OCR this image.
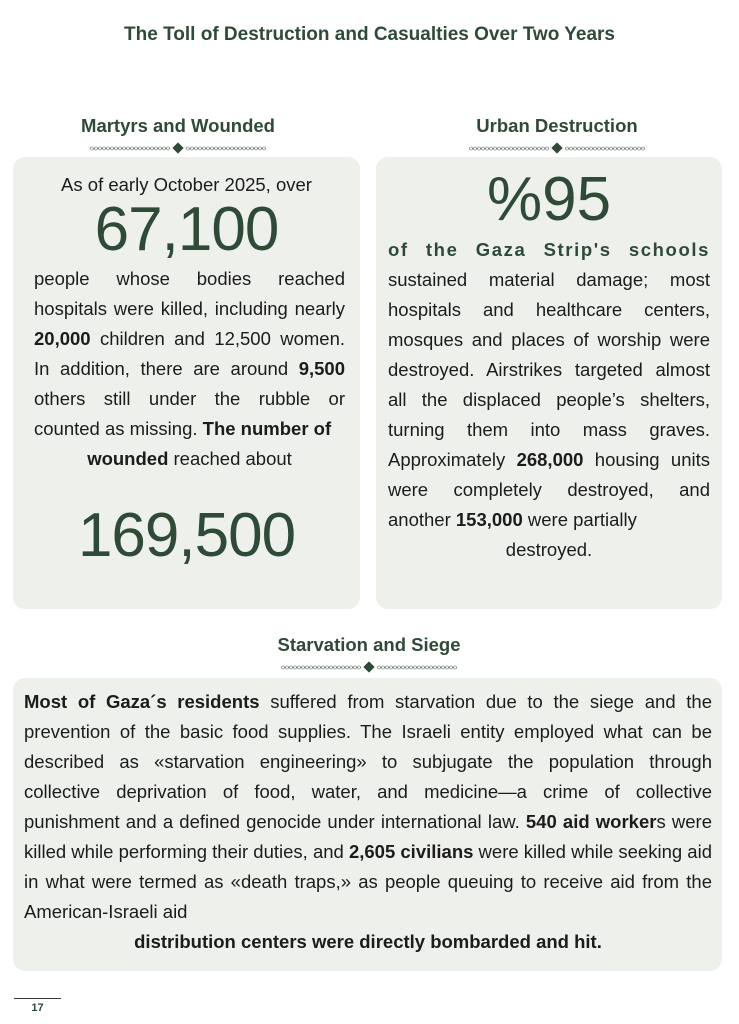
The Toll of Destruction and Casualties Over Two Years
Martyrs and Wounded	Urban Destruction
As of early October 2025, over
67,100
people whose bodies reached hospitals were killed, including nearly 20,000 children and 12,500 women. In addition, there are around 9,500 others still under the rubble or counted as missing. The number of
wounded reached about
169,500
%95
of the Gaza Strip's schools sustained material damage; most hospitals and healthcare centers, mosques and places of worship were destroyed. Airstrikes targeted almost all the displaced people’s shelters, turning them into mass graves. Approximately 268,000 housing units were completely destroyed, and another 153,000 were partially
destroyed.
Starvation and Siege
Most of Gaza´s residents suffered from starvation due to the siege and the prevention of the basic food supplies. The Israeli entity employed what can be described as «starvation engineering» to subjugate the population through collective deprivation of food, water, and medicine—a crime of collective punishment and a defined genocide under international law. 540 aid workers were killed while performing their duties, and 2,605 civilians were killed while seeking aid in what were termed as «death traps,» as people queuing to receive aid from the American-Israeli aid
distribution centers were directly bombarded and hit.
17
